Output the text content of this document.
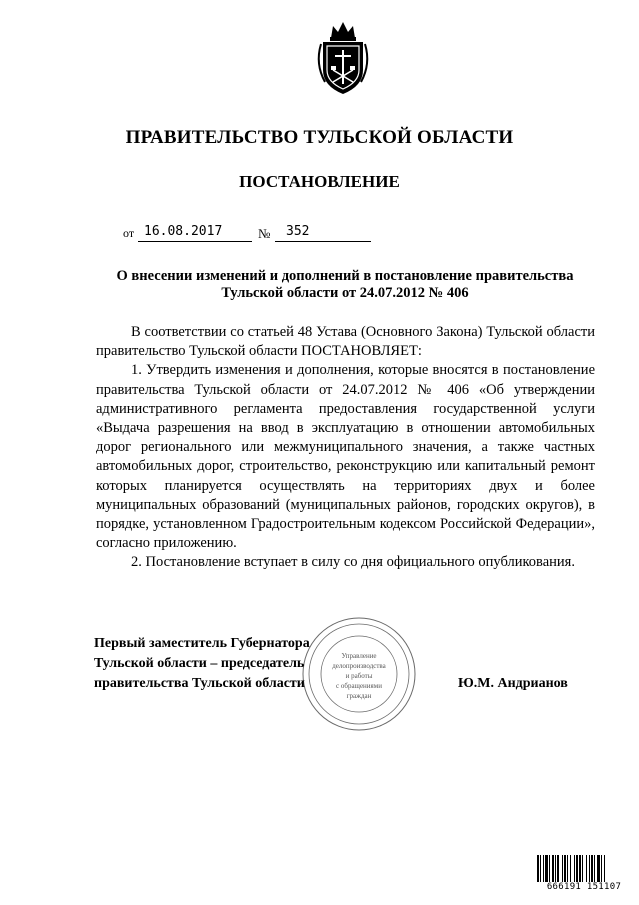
ПРАВИТЕЛЬСТВО ТУЛЬСКОЙ ОБЛАСТИ
ПОСТАНОВЛЕНИЕ
от 16.08.2017	№ 352
О внесении изменений и дополнений в постановление правительства
Тульской области от 24.07.2012 № 406

В соответствии со статьей 48 Устава (Основного Закона) Тульской области правительство Тульской области ПОСТАНОВЛЯЕТ:

1. Утвердить изменения и дополнения, которые вносятся в постановление правительства Тульской области от 24.07.2012 № 406 «Об утверждении административного регламента предоставления государственной услуги «Выдача разрешения на ввод в эксплуатацию в отношении автомобильных дорог регионального или межмуниципального значения, а также частных автомобильных дорог, строительство, реконструкцию или капитальный ремонт которых планируется осуществлять на территориях двух и более муниципальных образований (муниципальных районов, городских округов), в порядке, установленном Градостроительным кодексом Российской Федерации», согласно приложению.

2. Постановление вступает в силу со дня официального опубликования.

Управление
делопроизводства
и работы
с обращениями
граждан
Первый заместитель Губернатора
Тульской области – председатель
правительства Тульской области	Ю.М. Андрианов
666191 151107
